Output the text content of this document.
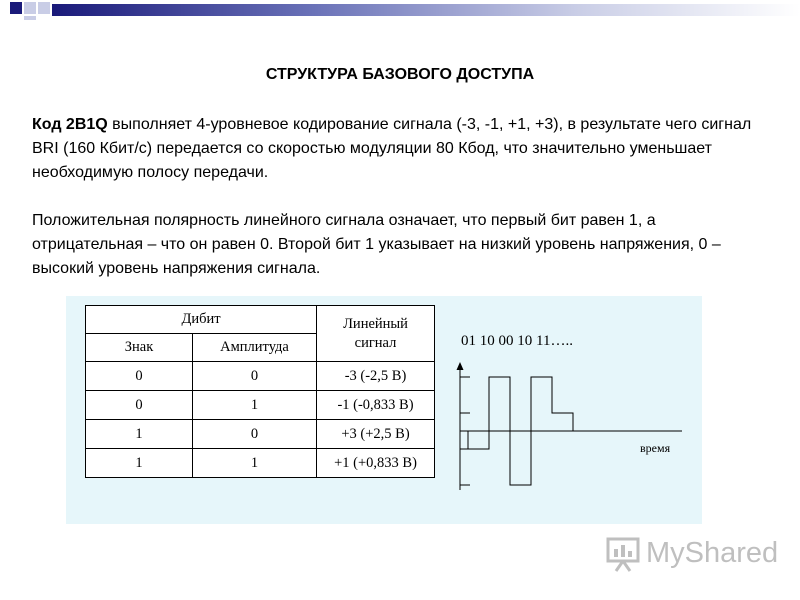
СТРУКТУРА БАЗОВОГО ДОСТУПА

Код 2B1Q выполняет 4-уровневое кодирование сигнала (-3, -1, +1, +3), в результате чего сигнал BRI (160 Кбит/с) передается со скоростью модуляции 80 Кбод, что значительно уменьшает необходимую полосу передачи.

Положительная полярность линейного сигнала означает, что первый бит равен 1, а отрицательная – что он равен 0. Второй бит 1 указывает на низкий уровень напряжения, 0 – высокий уровень напряжения сигнала.

Дибит		Линейный сигнал
Знак	Амплитуда	
0	0	-3 (-2,5 В)
0	1	-1 (-0,833 В)
1	0	+3 (+2,5 В)
1	1	+1 (+0,833 В)
01 10 00 10 11…..
время
MyShared
